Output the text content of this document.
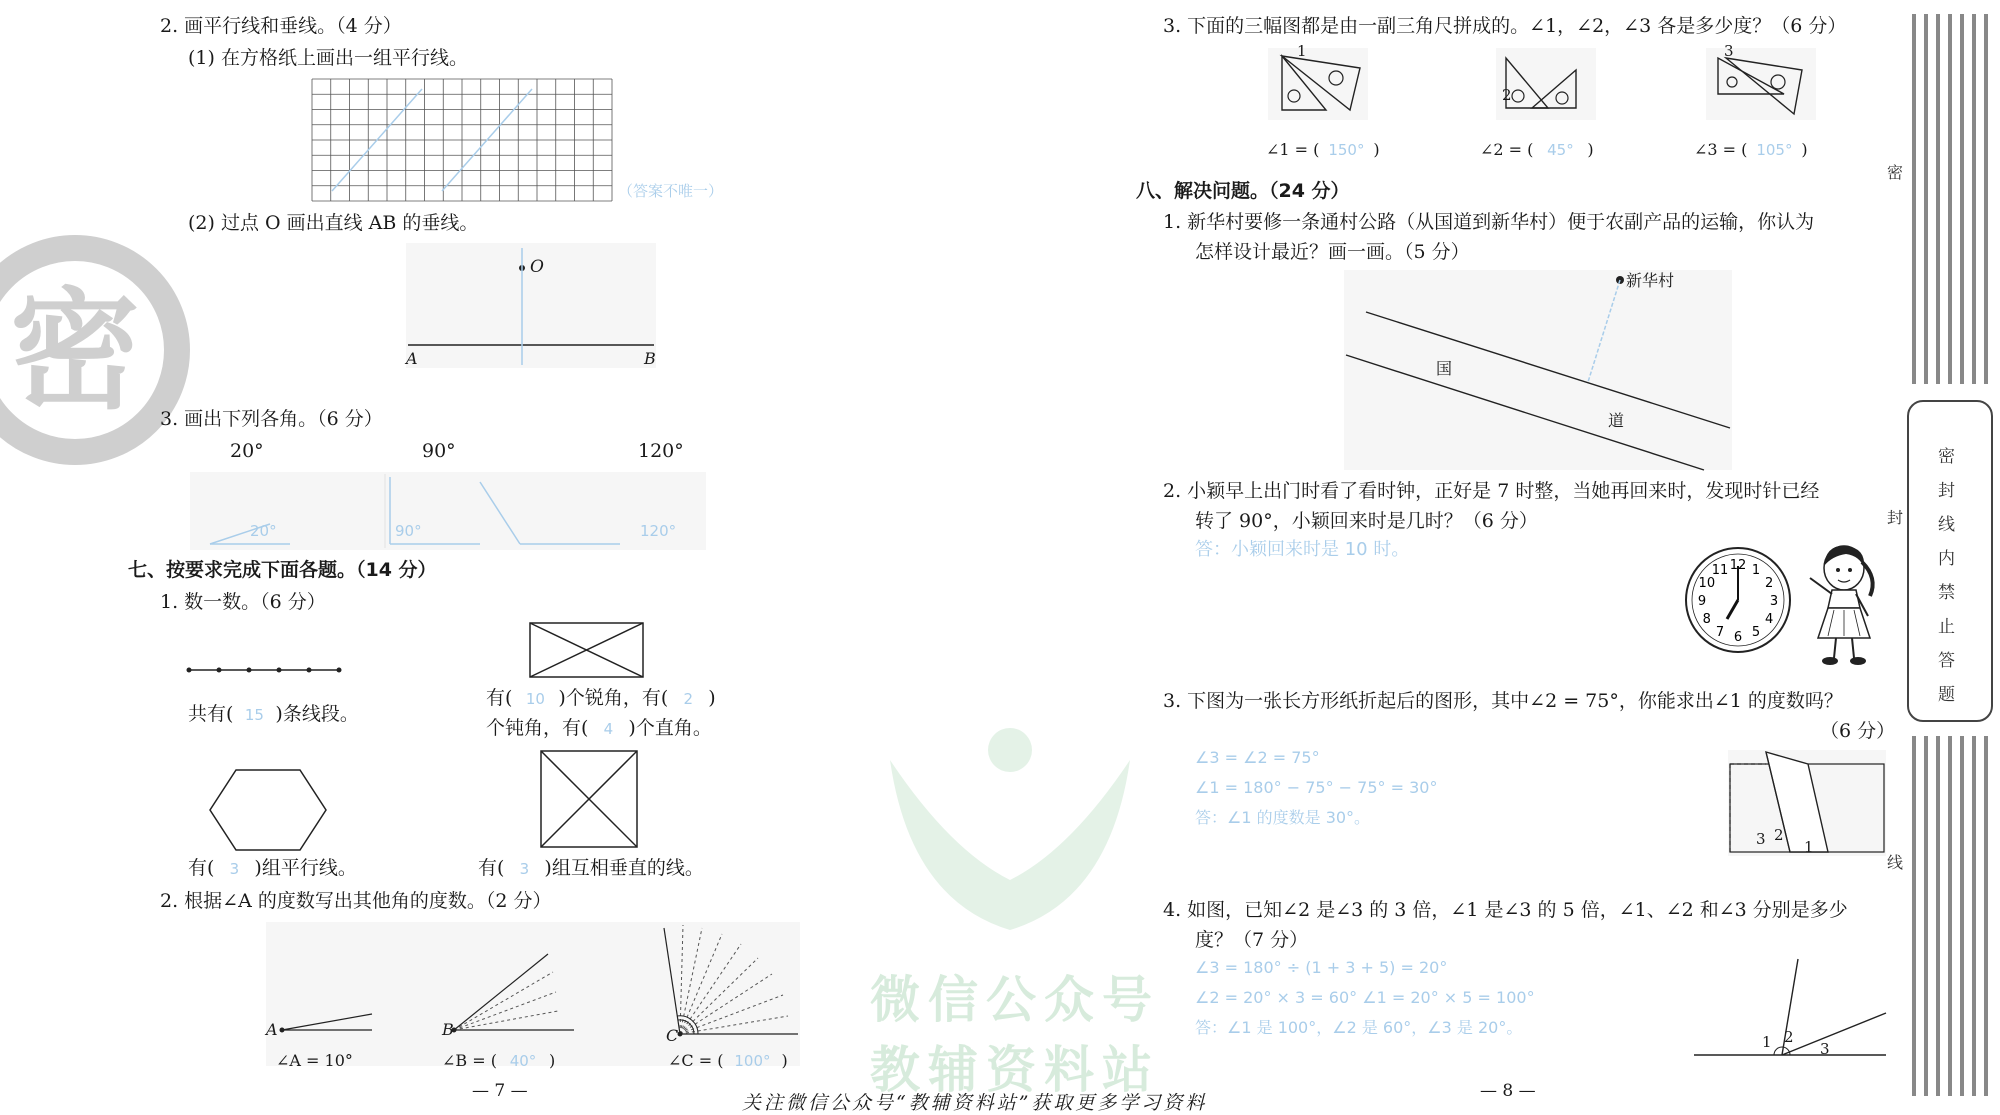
微信公众号
教辅资料站
密
2. 画平行线和垂线。（4 分）
(1) 在方格纸上画出一组平行线。
（答案不唯一）
(2) 过点 O 画出直线 AB 的垂线。
O
A	B
3. 画出下列各角。（6 分）
20°	90°	120°
20°	90°	120°
七、按要求完成下面各题。（14 分）
1. 数一数。（6 分）
共有( 15 )条线段。
有( 10 )个锐角，有( 2 )
个钝角，有( 4 )个直角。
有( 3 )组平行线。	有( 3 )组互相垂直的线。
2. 根据∠A 的度数写出其他角的度数。（2 分）
A	B	C
∠A = 10°	∠B = ( 40° )	∠C = ( 100° )
— 7 —
3. 下面的三幅图都是由一副三角尺拼成的。∠1，∠2，∠3 各是多少度？（6 分）
1
2
3
∠1 = ( 150° )	∠2 = ( 45° )	∠3 = ( 105° )
八、解决问题。（24 分）
1. 新华村要修一条通村公路（从国道到新华村）便于农副产品的运输，你认为
怎样设计最近？画一画。（5 分）
新华村
国
道
2. 小颖早上出门时看了看时钟，正好是 7 时整，当她再回来时，发现时针已经
转了 90°，小颖回来时是几时？（6 分）
答：小颖回来时是 10 时。
12 1
2
3
4
5
6
7
8
9
10
11
3. 下图为一张长方形纸折起后的图形，其中∠2 = 75°，你能求出∠1 的度数吗？
（6 分）
∠3 = ∠2 = 75°
∠1 = 180° − 75° − 75° = 30°
答：∠1 的度数是 30°。
3 2
1
4. 如图，已知∠2 是∠3 的 3 倍，∠1 是∠3 的 5 倍，∠1、∠2 和∠3 分别是多少
度？（7 分）
∠3 = 180° ÷ (1 + 3 + 5) = 20°
∠2 = 20° × 3 = 60° ∠1 = 20° × 5 = 100°
答：∠1 是 100°，∠2 是 60°，∠3 是 20°。
1 2
3
— 8 —
关注微信公众号“教辅资料站”获取更多学习资料
密
封
线
内
禁
止
答
题
密
封
线
